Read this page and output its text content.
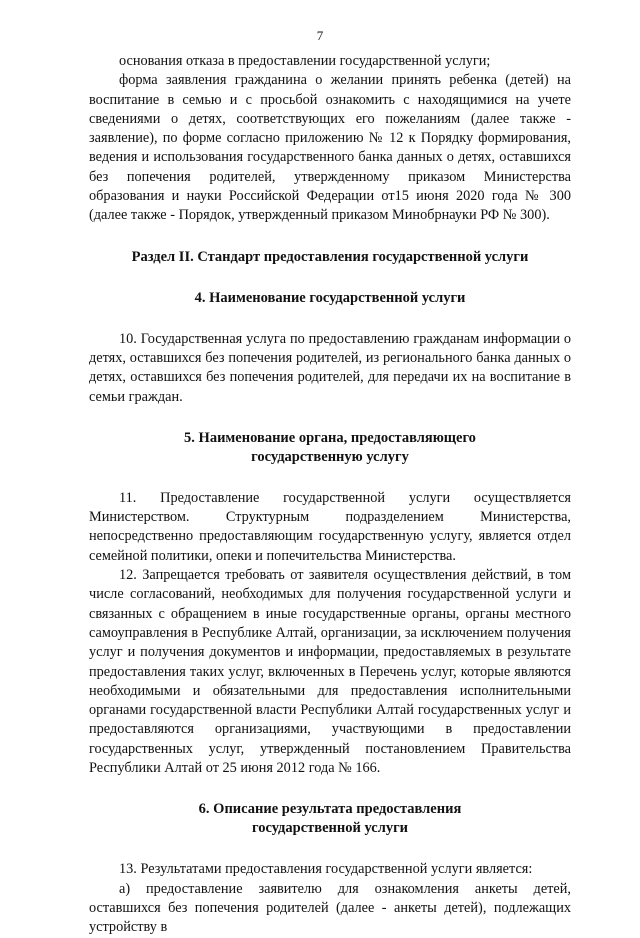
7

основания отказа в предоставлении государственной услуги;

форма заявления гражданина о желании принять ребенка (детей) на воспитание в семью и с просьбой ознакомить с находящимися на учете сведениями о детях, соответствующих его пожеланиям (далее также - заявление), по форме согласно приложению № 12 к Порядку формирования, ведения и использования государственного банка данных о детях, оставшихся без попечения родителей, утвержденному приказом Министерства образования и науки Российской Федерации от15 июня 2020 года № 300 (далее также - Порядок, утвержденный приказом Минобрнауки РФ № 300).

Раздел II. Стандарт предоставления государственной услуги
4. Наименование государственной услуги

10. Государственная услуга по предоставлению гражданам информации о детях, оставшихся без попечения родителей, из регионального банка данных о детях, оставшихся без попечения родителей, для передачи их на воспитание в семьи граждан.

5. Наименование органа, предоставляющего
государственную услугу

11. Предоставление государственной услуги осуществляется Министерством. Структурным подразделением Министерства, непосредственно предоставляющим государственную услугу, является отдел семейной политики, опеки и попечительства Министерства.

12. Запрещается требовать от заявителя осуществления действий, в том числе согласований, необходимых для получения государственной услуги и связанных с обращением в иные государственные органы, органы местного самоуправления в Республике Алтай, организации, за исключением получения услуг и получения документов и информации, предоставляемых в результате предоставления таких услуг, включенных в Перечень услуг, которые являются необходимыми и обязательными для предоставления исполнительными органами государственной власти Республики Алтай государственных услуг и предоставляются организациями, участвующими в предоставлении государственных услуг, утвержденный постановлением Правительства Республики Алтай от 25 июня 2012 года № 166.

6. Описание результата предоставления
государственной услуги

13. Результатами предоставления государственной услуги является:

а) предоставление заявителю для ознакомления анкеты детей, оставшихся без попечения родителей (далее - анкеты детей), подлежащих устройству в
